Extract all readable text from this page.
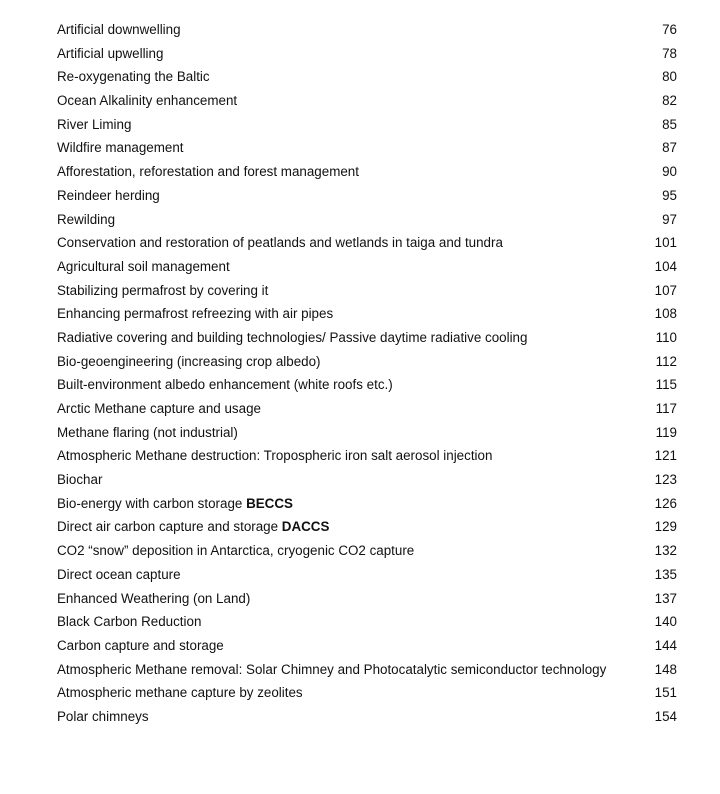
Artificial downwelling	76
Artificial upwelling	78
Re-oxygenating the Baltic	80
Ocean Alkalinity enhancement	82
River Liming	85
Wildfire management	87
Afforestation, reforestation and forest management	90
Reindeer herding	95
Rewilding	97
Conservation and restoration of peatlands and wetlands in taiga and tundra	101
Agricultural soil management	104
Stabilizing permafrost by covering it	107
Enhancing permafrost refreezing with air pipes	108
Radiative covering and building technologies/ Passive daytime radiative cooling	110
Bio-geoengineering (increasing crop albedo)	112
Built-environment albedo enhancement (white roofs etc.)	115
Arctic Methane capture and usage	117
Methane flaring (not industrial)	119
Atmospheric Methane destruction: Tropospheric iron salt aerosol injection	121
Biochar	123
Bio-energy with carbon storage BECCS	126
Direct air carbon capture and storage DACCS	129
CO2 “snow” deposition in Antarctica, cryogenic CO2 capture	132
Direct ocean capture	135
Enhanced Weathering (on Land)	137
Black Carbon Reduction	140
Carbon capture and storage	144
Atmospheric Methane removal: Solar Chimney and Photocatalytic semiconductor technology	148
Atmospheric methane capture by zeolites	151
Polar chimneys	154
